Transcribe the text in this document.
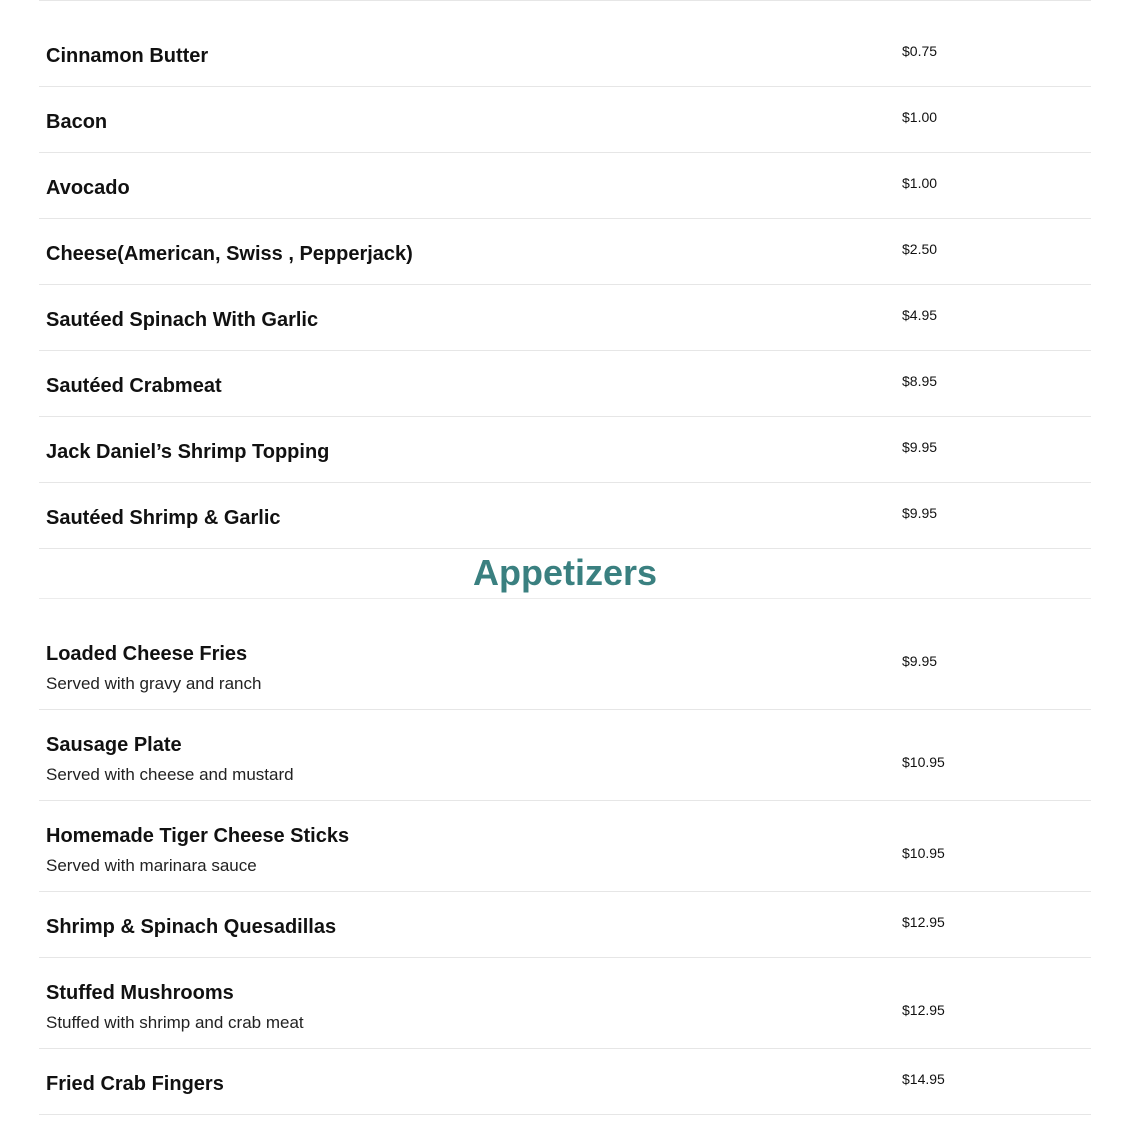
Cinnamon Butter	$0.75
Bacon	$1.00
Avocado	$1.00
Cheese(American, Swiss , Pepperjack)	$2.50
Sautéed Spinach With Garlic	$4.95
Sautéed Crabmeat	$8.95
Jack Daniel’s Shrimp Topping	$9.95
Sautéed Shrimp & Garlic	$9.95
Appetizers
Loaded Cheese Fries
Served with gravy and ranch
$9.95
Sausage Plate
Served with cheese and mustard
$10.95
Homemade Tiger Cheese Sticks
Served with marinara sauce
$10.95
Shrimp & Spinach Quesadillas	$12.95
Stuffed Mushrooms
Stuffed with shrimp and crab meat
$12.95
Fried Crab Fingers	$14.95
